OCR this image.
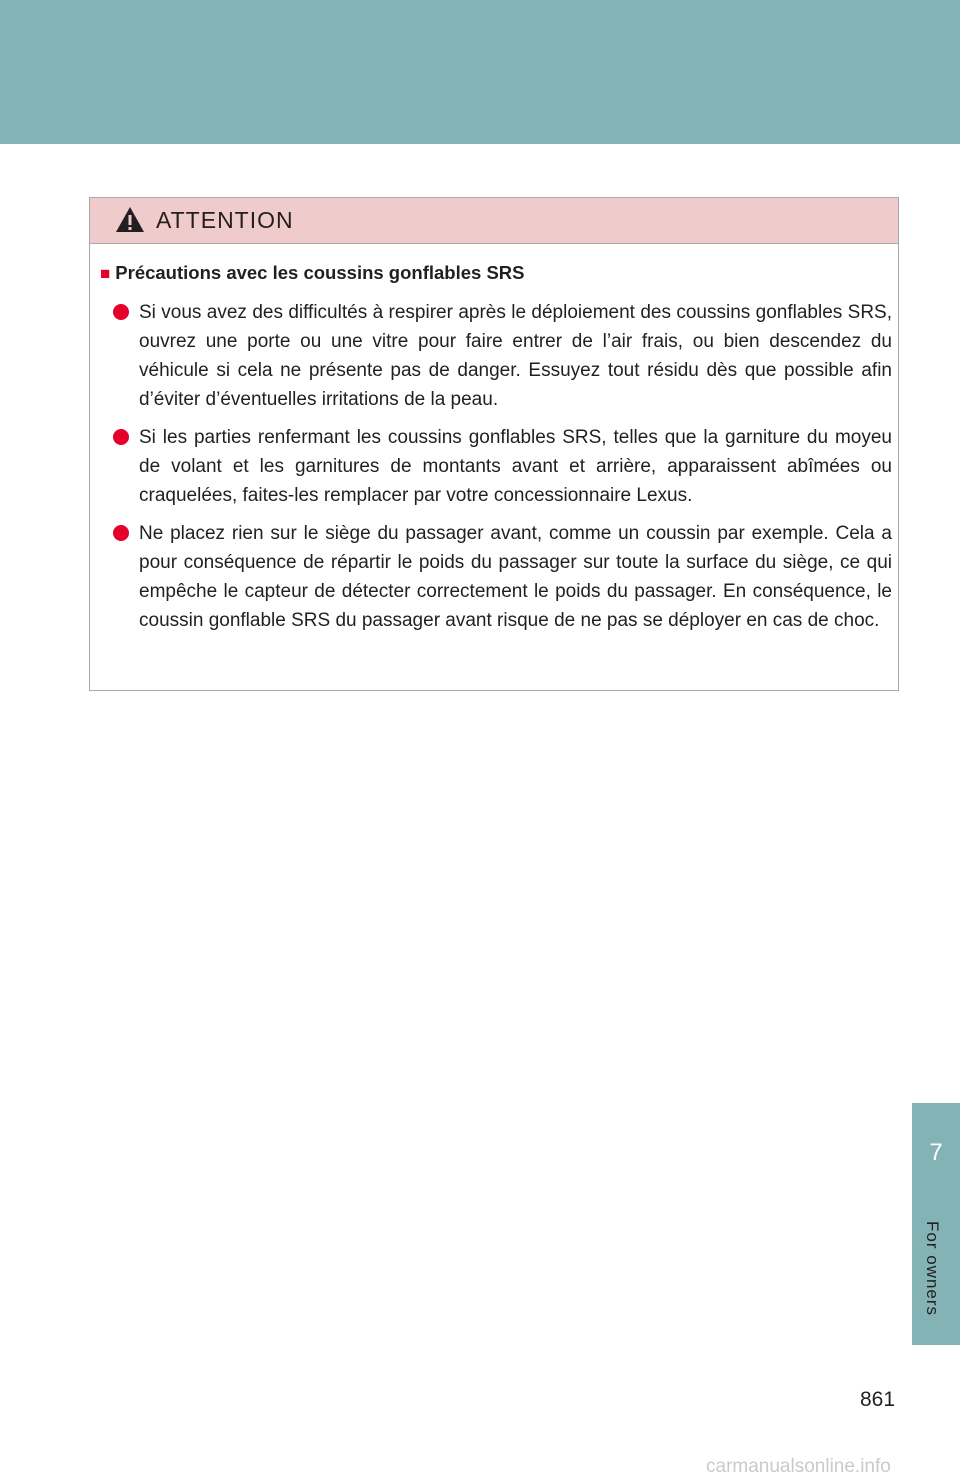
ATTENTION
■ Précautions avec les coussins gonflables SRS
Si vous avez des difficultés à respirer après le déploiement des coussins gonflables SRS, ouvrez une porte ou une vitre pour faire entrer de l’air frais, ou bien descendez du véhicule si cela ne présente pas de danger. Essuyez tout résidu dès que possible afin d’éviter d’éventuelles irritations de la peau.
Si les parties renfermant les coussins gonflables SRS, telles que la garniture du moyeu de volant et les garnitures de montants avant et arrière, apparaissent abîmées ou craquelées, faites-les remplacer par votre concessionnaire Lexus.
Ne placez rien sur le siège du passager avant, comme un coussin par exemple. Cela a pour conséquence de répartir le poids du passager sur toute la surface du siège, ce qui empêche le capteur de détecter correctement le poids du passager. En conséquence, le coussin gonflable SRS du passager avant risque de ne pas se déployer en cas de choc.
7
For owners
861
carmanualsonline.info
